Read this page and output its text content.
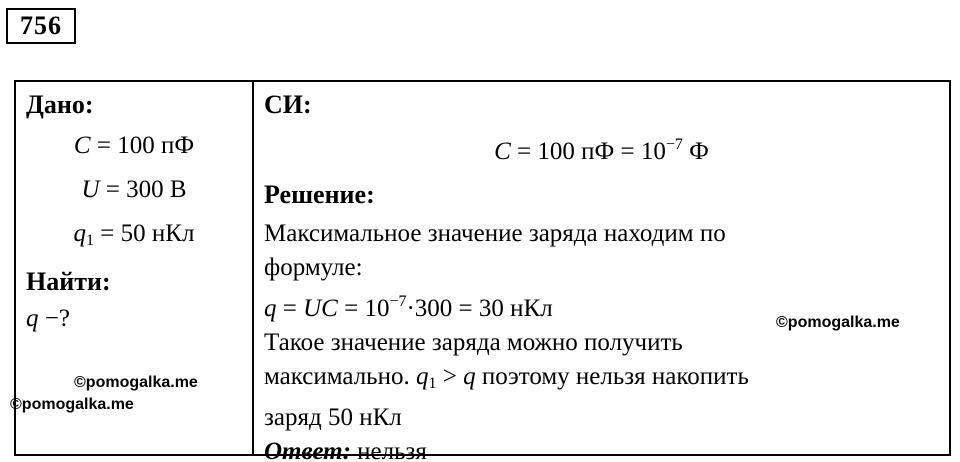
756
Дано:
C = 100 пФ
U = 300 В
$q_1 = 50$ нКл
Найти:
q −?
©pomogalka.me
©pomogalka.me
СИ:
C = 100 пФ = $10^{-7}$ Ф
Решение:
Максимальное значение заряда находим по
формуле:
q = UC = $10^{-7}\cdot 300 = 30$ нКл
Такое значение заряда можно получить
максимально. $q_1 > q$ поэтому нельзя накопить
заряд 50 нКл
Ответ: нельзя
©pomogalka.me
